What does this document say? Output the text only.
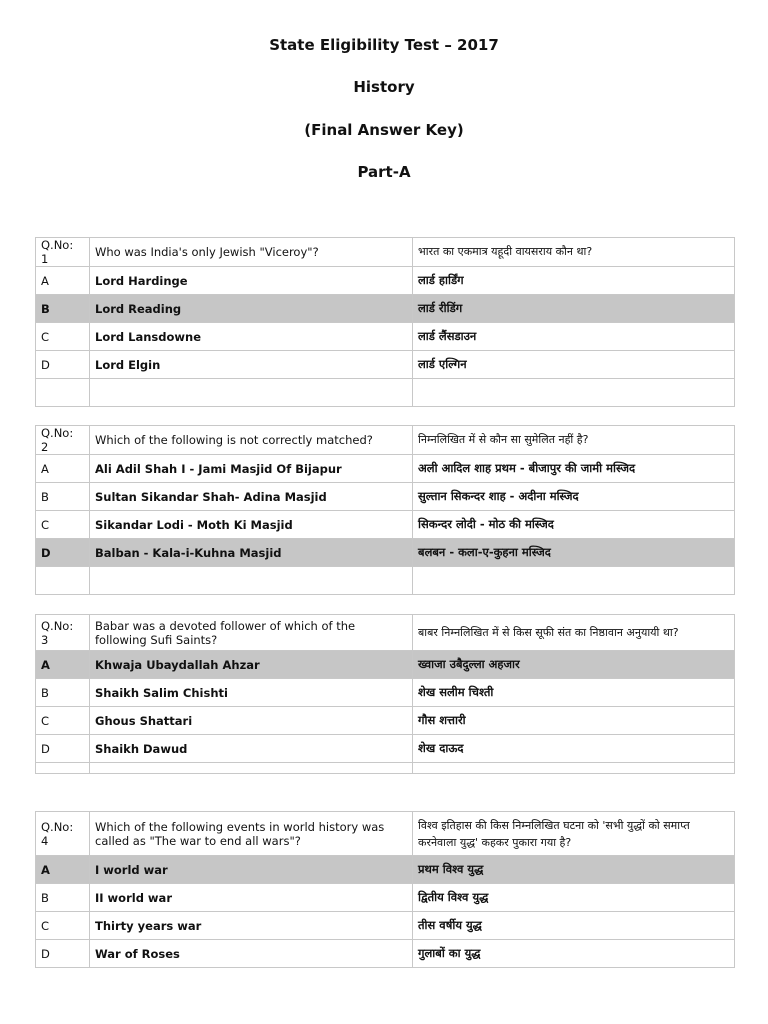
State Eligibility Test – 2017
History
(Final Answer Key)
Part-A
Q.No: 1	Who was India's only Jewish "Viceroy"?	भारत का एकमात्र यहूदी वायसराय कौन था?
A	Lord Hardinge	लार्ड हार्डिंग
B	Lord Reading	लार्ड रीडिंग
C	Lord Lansdowne	लार्ड लैंसडाउन
D	Lord Elgin	लार्ड एल्गिन

Q.No: 2	Which of the following is not correctly matched?	निम्नलिखित में से कौन सा सुमेलित नहीं है?
A	Ali Adil Shah I - Jami Masjid Of Bijapur	अली आदिल शाह प्रथम - बीजापुर की जामी मस्जिद
B	Sultan Sikandar Shah- Adina Masjid	सुल्तान सिकन्दर शाह - अदीना मस्जिद
C	Sikandar Lodi - Moth Ki Masjid	सिकन्दर लोदी - मोठ की मस्जिद
D	Balban - Kala-i-Kuhna Masjid	बलबन - कला-ए-कुहना मस्जिद

Q.No: 3	Babar was a devoted follower of which of the following Sufi Saints?	बाबर निम्नलिखित में से किस सूफी संत का निष्ठावान अनुयायी था?
A	Khwaja Ubaydallah Ahzar	ख्वाजा उबैदुल्ला अहजार
B	Shaikh Salim Chishti	शेख सलीम चिश्ती
C	Ghous Shattari	गौस शत्तारी
D	Shaikh Dawud	शेख दाऊद

Q.No: 4	Which of the following events in world history was called as "The war to end all wars"?	विश्व इतिहास की किस निम्नलिखित घटना को 'सभी युद्धों को समाप्त करनेवाला युद्ध' कहकर पुकारा गया है?
A	I world war	प्रथम विश्व युद्ध
B	II world war	द्वितीय विश्व युद्ध
C	Thirty years war	तीस वर्षीय युद्ध
D	War of Roses	गुलाबों का युद्ध
